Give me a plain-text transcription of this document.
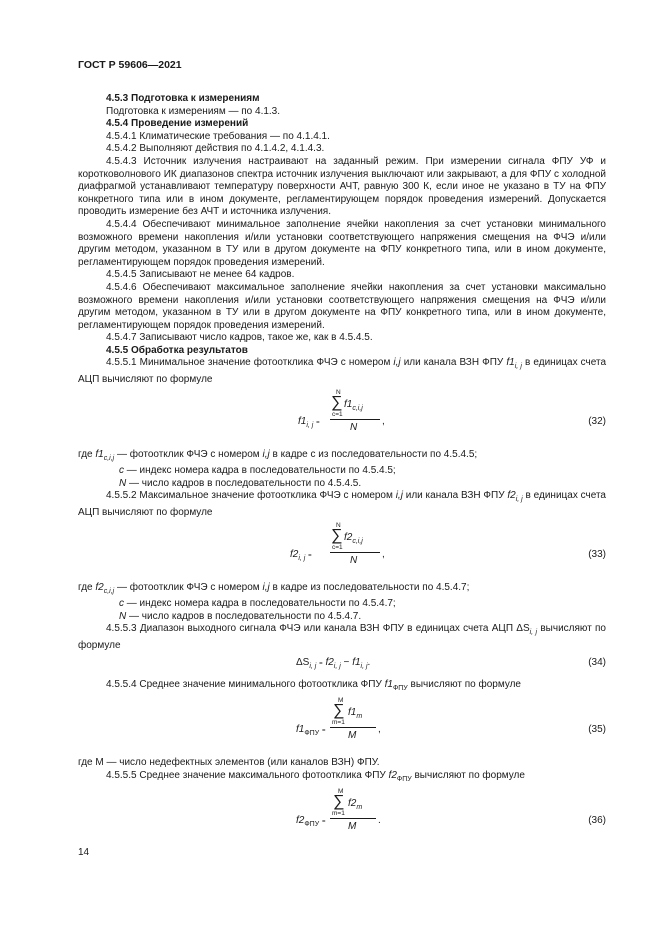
ГОСТ Р 59606—2021

4.5.3 Подготовка к измерениям

Подготовка к измерениям — по 4.1.3.

4.5.4 Проведение измерений

4.5.4.1 Климатические требования — по 4.1.4.1.

4.5.4.2 Выполняют действия по 4.1.4.2, 4.1.4.3.

4.5.4.3 Источник излучения настраивают на заданный режим. При измерении сигнала ФПУ УФ и коротковолнового ИК диапазонов спектра источник излучения выключают или закрывают, а для ФПУ с холодной диафрагмой устанавливают температуру поверхности АЧТ, равную 300 К, если иное не указано в ТУ на ФПУ конкретного типа или в ином документе, регламентирующем порядок проведения измерений. Допускается проводить измерение без АЧТ и источника излучения.

4.5.4.4 Обеспечивают минимальное заполнение ячейки накопления за счет установки минимального возможного времени накопления и/или установки соответствующего напряжения смещения на ФЧЭ и/или другим методом, указанном в ТУ или в другом документе на ФПУ конкретного типа, или в ином документе, регламентирующем порядок проведения измерений.

4.5.4.5 Записывают не менее 64 кадров.

4.5.4.6 Обеспечивают максимальное заполнение ячейки накопления за счет установки максимально возможного времени накопления и/или установки соответствующего напряжения смещения на ФЧЭ и/или другим методом, указанном в ТУ или в другом документе на ФПУ конкретного типа, или в ином документе, регламентирующем порядок проведения измерений.

4.5.4.7 Записывают число кадров, такое же, как в 4.5.4.5.

4.5.5 Обработка результатов

4.5.5.1 Минимальное значение фотоотклика ФЧЭ с номером i,j или канала ВЗН ФПУ $f1_{i, j}$ в единицах счета АЦП вычисляют по формуле

$f1_{i, j}$ =
N
∑
c=1
$f1_{c,i,j}$
N
,	(32)

где $f1_{c,i,j}$ — фотоотклик ФЧЭ с номером i,j в кадре с из последовательности по 4.5.4.5;

c — индекс номера кадра в последовательности по 4.5.4.5;

N — число кадров в последовательности по 4.5.4.5.

4.5.5.2 Максимальное значение фотоотклика ФЧЭ с номером i,j или канала ВЗН ФПУ $f2_{i, j}$ в единицах счета АЦП вычисляют по формуле

$f2_{i, j}$ =
N
∑
c=1
$f2_{c,i,j}$
N
,	(33)

где $f2_{c,i,j}$ — фотоотклик ФЧЭ с номером i,j в кадре из последовательности по 4.5.4.7;

c — индекс номера кадра в последовательности по 4.5.4.7;

N — число кадров в последовательности по 4.5.4.7.

4.5.5.3 Диапазон выходного сигнала ФЧЭ или канала ВЗН ФПУ в единицах счета АЦП $\Delta S_{i, j}$ вычисляют по формуле

$\Delta S_{i, j} = f2_{i, j} - f1_{i, j}$.	(34)

4.5.5.4 Среднее значение минимального фотоотклика ФПУ $f1_{ФПУ}$ вычисляют по формуле

$f1_{ФПУ}$ =
M
∑
m=1
$f1_m$
M
,	(35)

где M — число недефектных элементов (или каналов ВЗН) ФПУ.

4.5.5.5 Среднее значение максимального фотоотклика ФПУ $f2_{ФПУ}$ вычисляют по формуле

$f2_{ФПУ}$ =
M
∑
m=1
$f2_m$
M
.	(36)
14
